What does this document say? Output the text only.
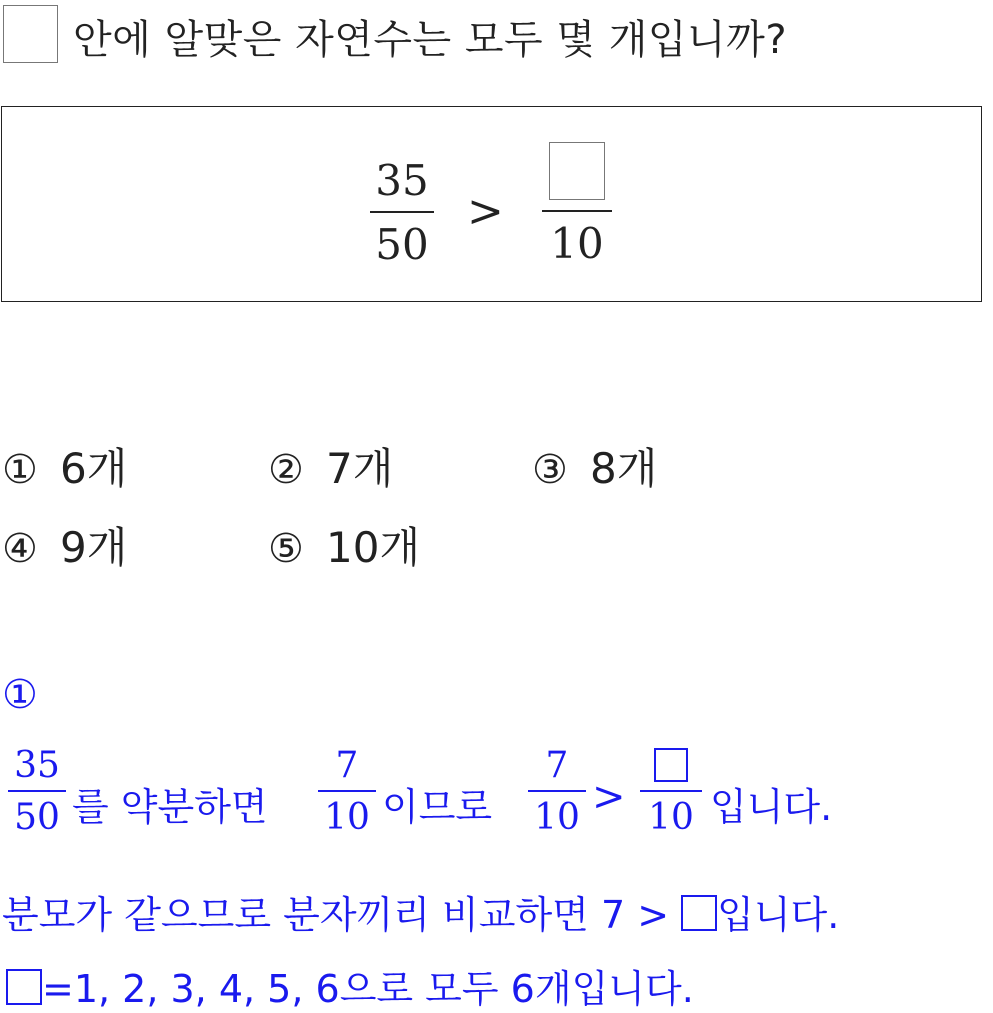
안에 알맞은 자연수는 모두 몇 개입니까?
35
50
>
10
① 6개	② 7개	③ 8개
④ 9개	⑤ 10개
①
35
50 를 약분하면
7
10 이므로
7
10 > 10 입니다.
분모가 같으므로 분자끼리 비교하면 7 > 입니다.
=1, 2, 3, 4, 5, 6으로 모두 6개입니다.
